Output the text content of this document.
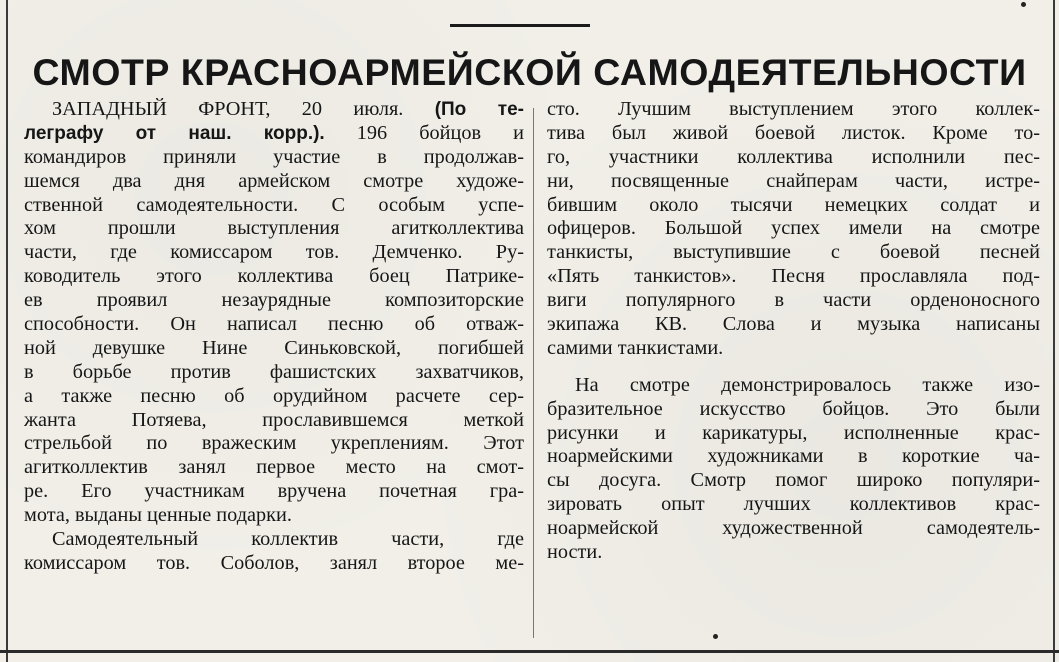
СМОТР КРАСНОАРМЕЙСКОЙ САМОДЕЯТЕЛЬНОСТИ
ЗАПАДНЫЙ ФРОНТ, 20 июля. (По те-
леграфу от наш. корр.). 196 бойцов и
командиров приняли участие в продолжав-
шемся два дня армейском смотре художе-
ственной самодеятельности. С особым успе-
хом прошли выступления агитколлектива
части, где комиссаром тов. Демченко. Ру-
ководитель этого коллектива боец Патрике-
ев проявил незаурядные композиторские
способности. Он написал песню об отваж-
ной девушке Нине Синьковской, погибшей
в борьбе против фашистских захватчиков,
а также песню об орудийном расчете сер-
жанта Потяева, прославившемся меткой
стрельбой по вражеским укреплениям. Этот
агитколлектив занял первое место на смот-
ре. Его участникам вручена почетная гра-
мота, выданы ценные подарки.
Самодеятельный коллектив части, где
комиссаром тов. Соболов, занял второе ме-
сто. Лучшим выступлением этого коллек-
тива был живой боевой листок. Кроме то-
го, участники коллектива исполнили пес-
ни, посвященные снайперам части, истре-
бившим около тысячи немецких солдат и
офицеров. Большой успех имели на смотре
танкисты, выступившие с боевой песней
«Пять танкистов». Песня прославляла под-
виги популярного в части орденоносного
экипажа КВ. Слова и музыка написаны
самими танкистами.
На смотре демонстрировалось также изо-
бразительное искусство бойцов. Это были
рисунки и карикатуры, исполненные крас-
ноармейскими художниками в короткие ча-
сы досуга. Смотр помог широко популяри-
зировать опыт лучших коллективов крас-
ноармейской художественной самодеятель-
ности.
